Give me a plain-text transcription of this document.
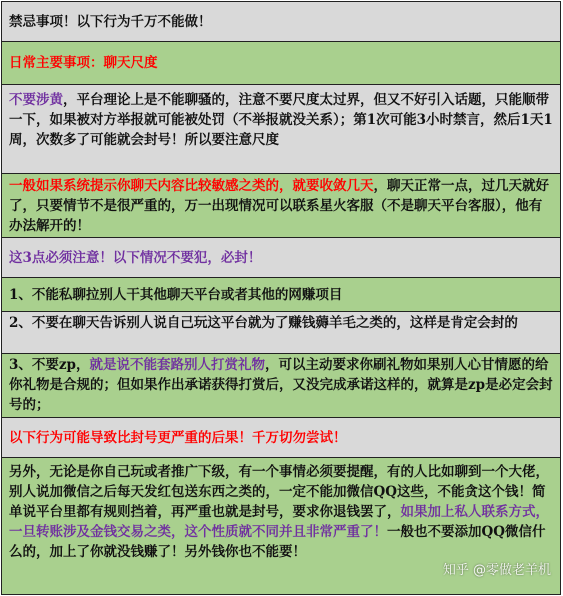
禁忌事项！以下行为千万不能做！
日常主要事项：聊天尺度
不要涉黄，平台理论上是不能聊骚的，注意不要尺度太过界，但又不好引入话题，只能顺带一下，如果被对方举报就可能被处罚（不举报就没关系）；第1次可能3小时禁言，然后1天1周，次数多了可能就会封号！所以要注意尺度
一般如果系统提示你聊天内容比较敏感之类的，就要收敛几天，聊天正常一点，过几天就好了，只要情节不是很严重的，万一出现情况可以联系星火客服（不是聊天平台客服），他有办法解开的！
这3点必须注意！以下情况不要犯，必封！
1、不能私聊拉别人干其他聊天平台或者其他的网赚项目
2、不要在聊天告诉别人说自己玩这平台就为了赚钱薅羊毛之类的，这样是肯定会封的
3、不要zp，就是说不能套路别人打赏礼物，可以主动要求你刷礼物如果别人心甘情愿的给你礼物是合规的；但如果作出承诺获得打赏后，又没完成承诺这样的，就算是zp是必定会封号的；
以下行为可能导致比封号更严重的后果！千万切勿尝试！
另外，无论是你自己玩或者推广下级，有一个事情必须要提醒，有的人比如聊到一个大佬，别人说加微信之后每天发红包送东西之类的，一定不能加微信QQ这些，不能贪这个钱！简单说平台里都有规则挡着，再严重也就是封号，要求你退钱罢了，如果加上私人联系方式，一旦转账涉及金钱交易之类，这个性质就不同并且非常严重了！一般也不要添加QQ微信什么的，加上了你就没钱赚了！另外钱你也不能要！
知乎 @零做老羊机
